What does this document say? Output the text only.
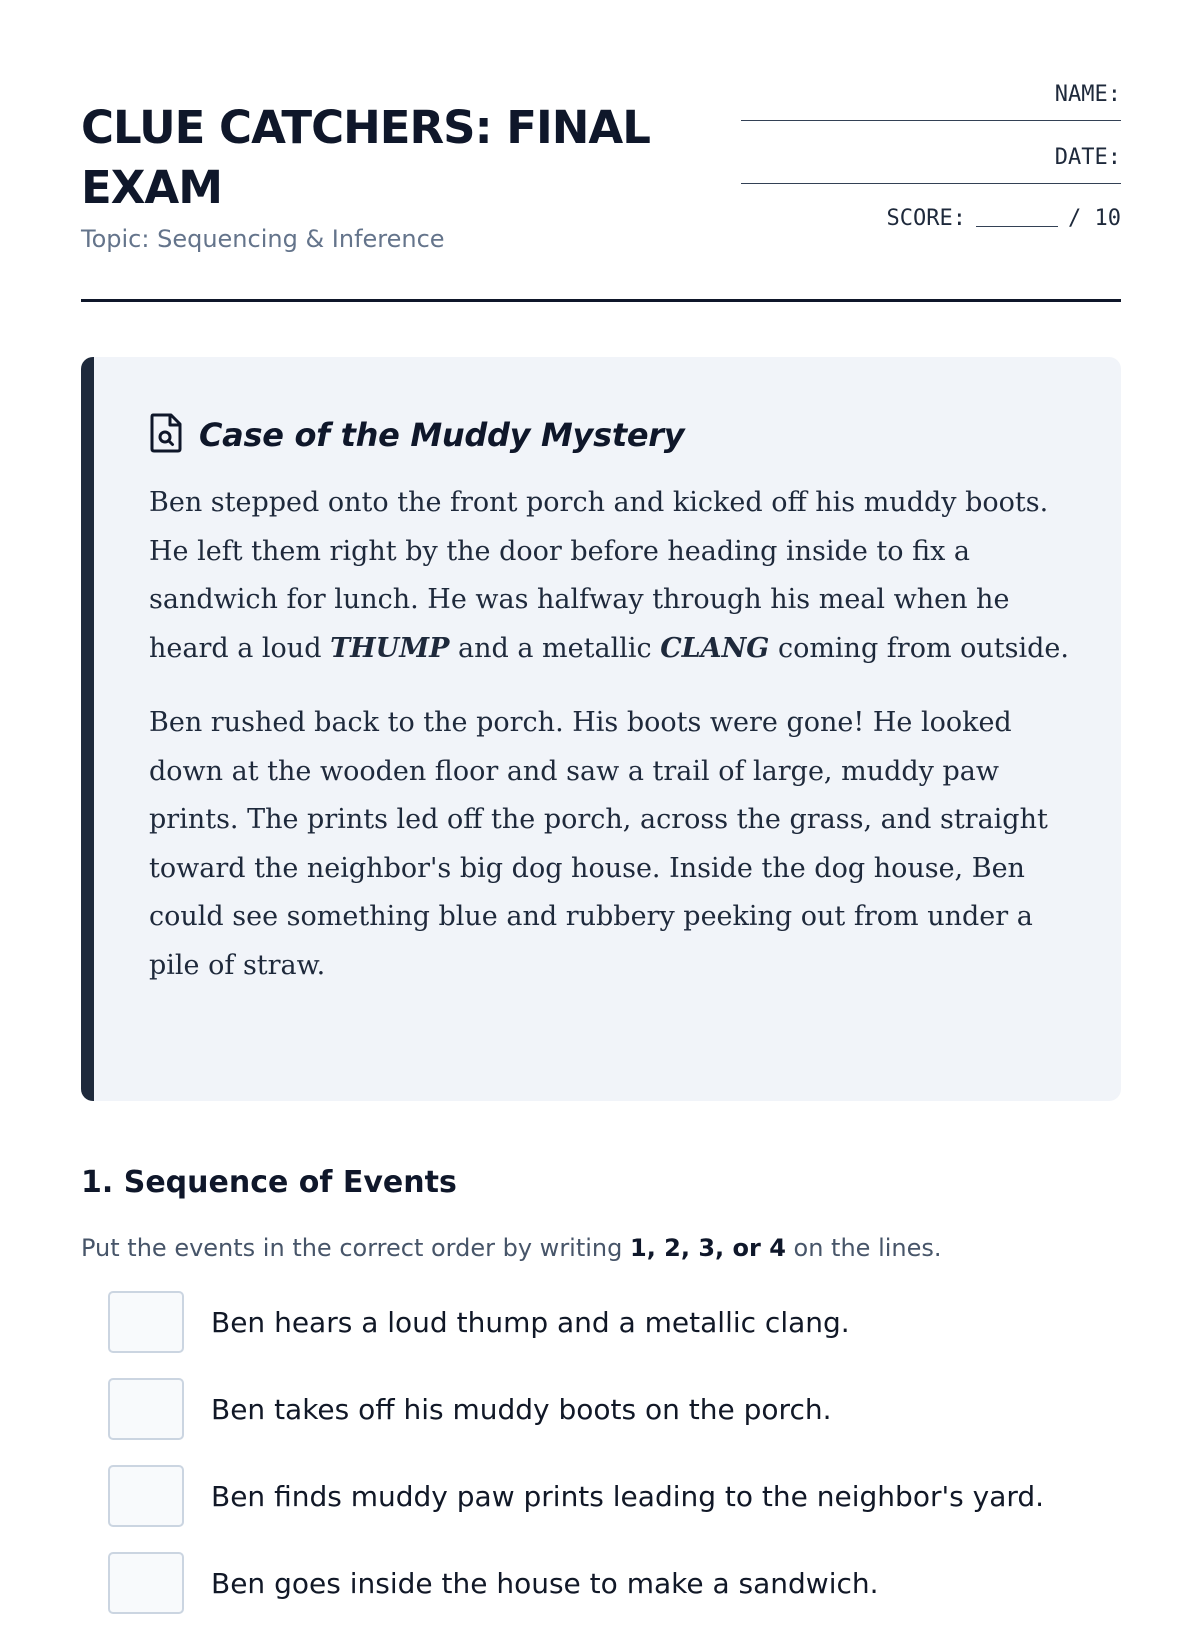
CLUE CATCHERS: FINAL EXAM
Topic: Sequencing & Inference
NAME:
DATE:
SCORE:	/ 10
Case of the Muddy Mystery

Ben stepped onto the front porch and kicked off his muddy boots. He left them right by the door before heading inside to fix a sandwich for lunch. He was halfway through his meal when he heard a loud THUMP and a metallic CLANG coming from outside.

Ben rushed back to the porch. His boots were gone! He looked down at the wooden floor and saw a trail of large, muddy paw prints. The prints led off the porch, across the grass, and straight toward the neighbor's big dog house. Inside the dog house, Ben could see something blue and rubbery peeking out from under a pile of straw.

1. Sequence of Events
Put the events in the correct order by writing 1, 2, 3, or 4 on the lines.
Ben hears a loud thump and a metallic clang.
Ben takes off his muddy boots on the porch.
Ben finds muddy paw prints leading to the neighbor's yard.
Ben goes inside the house to make a sandwich.
